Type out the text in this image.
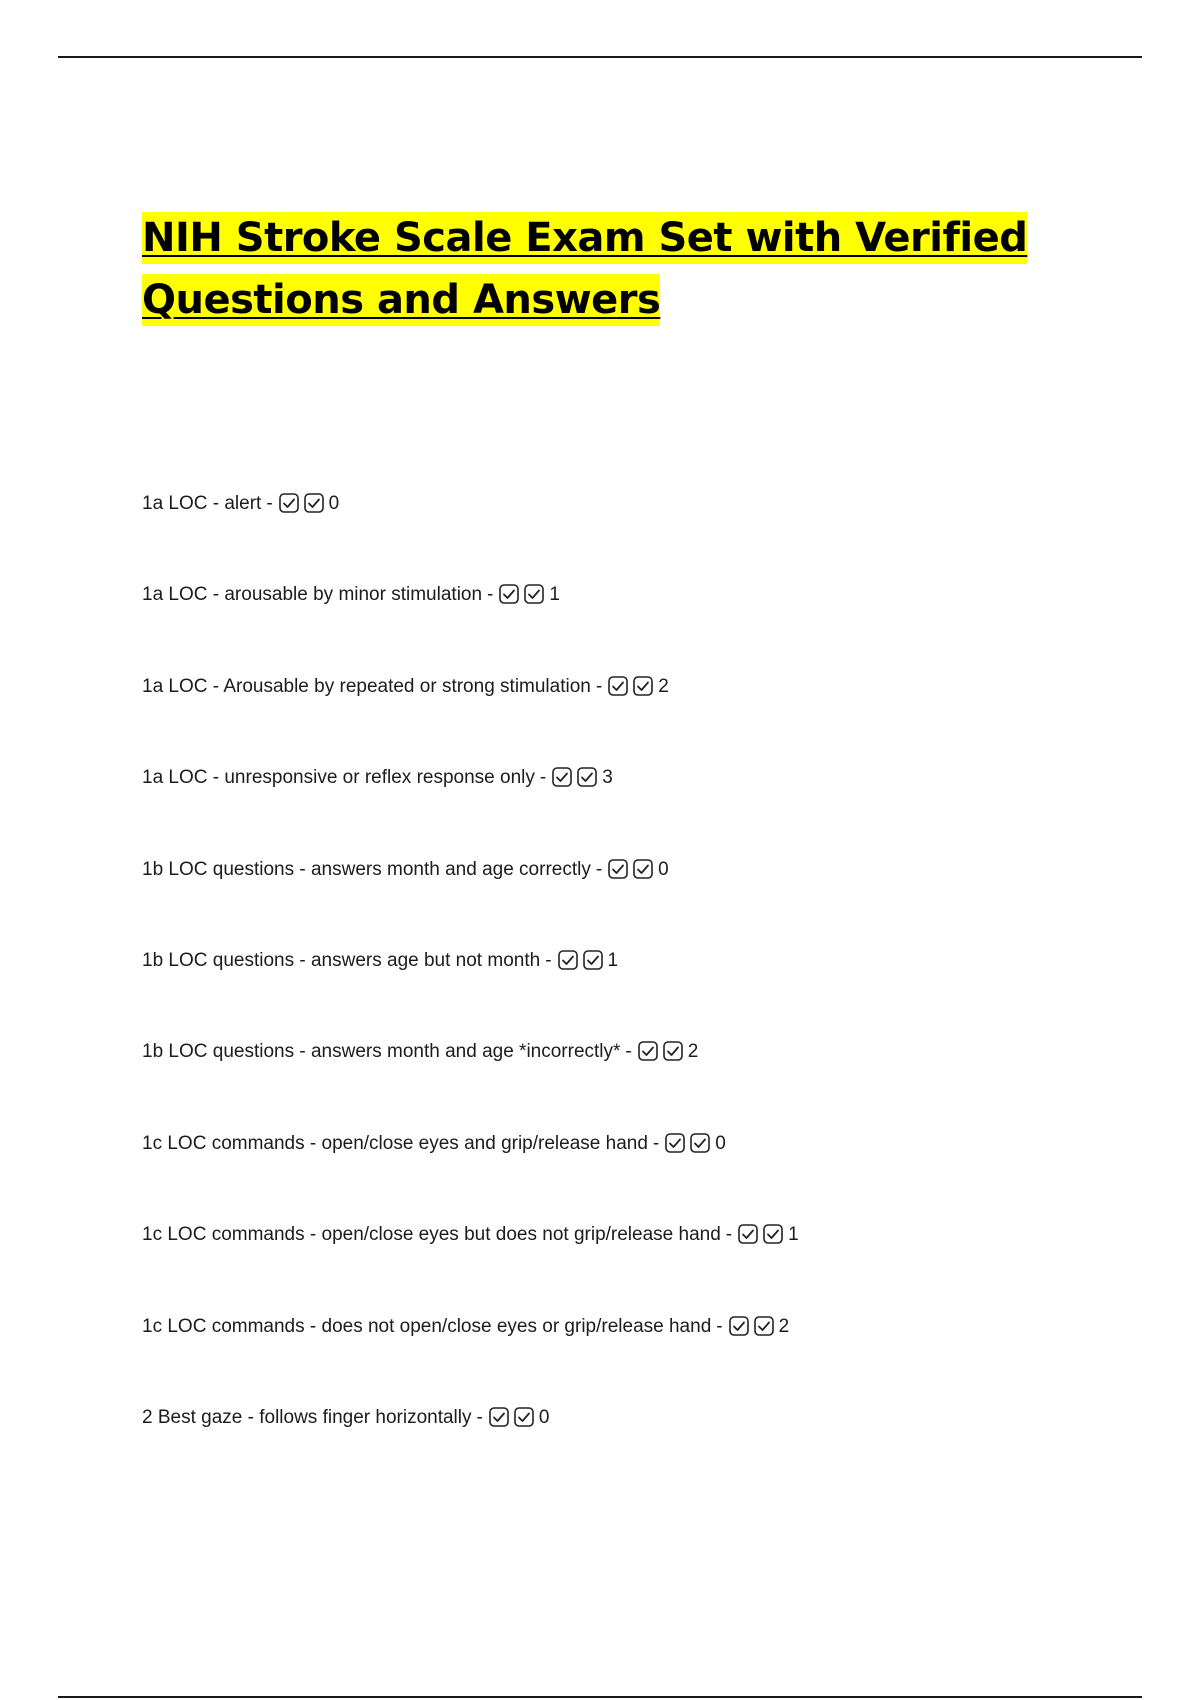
NIH Stroke Scale Exam Set with Verified
Questions and Answers
1a LOC - alert -	0
1a LOC - arousable by minor stimulation -	1
1a LOC - Arousable by repeated or strong stimulation -	2
1a LOC - unresponsive or reflex response only -	3
1b LOC questions - answers month and age correctly -	0
1b LOC questions - answers age but not month -	1
1b LOC questions - answers month and age *incorrectly* -	2
1c LOC commands - open/close eyes and grip/release hand -	0
1c LOC commands - open/close eyes but does not grip/release hand -	1
1c LOC commands - does not open/close eyes or grip/release hand -	2
2 Best gaze - follows finger horizontally -	0
